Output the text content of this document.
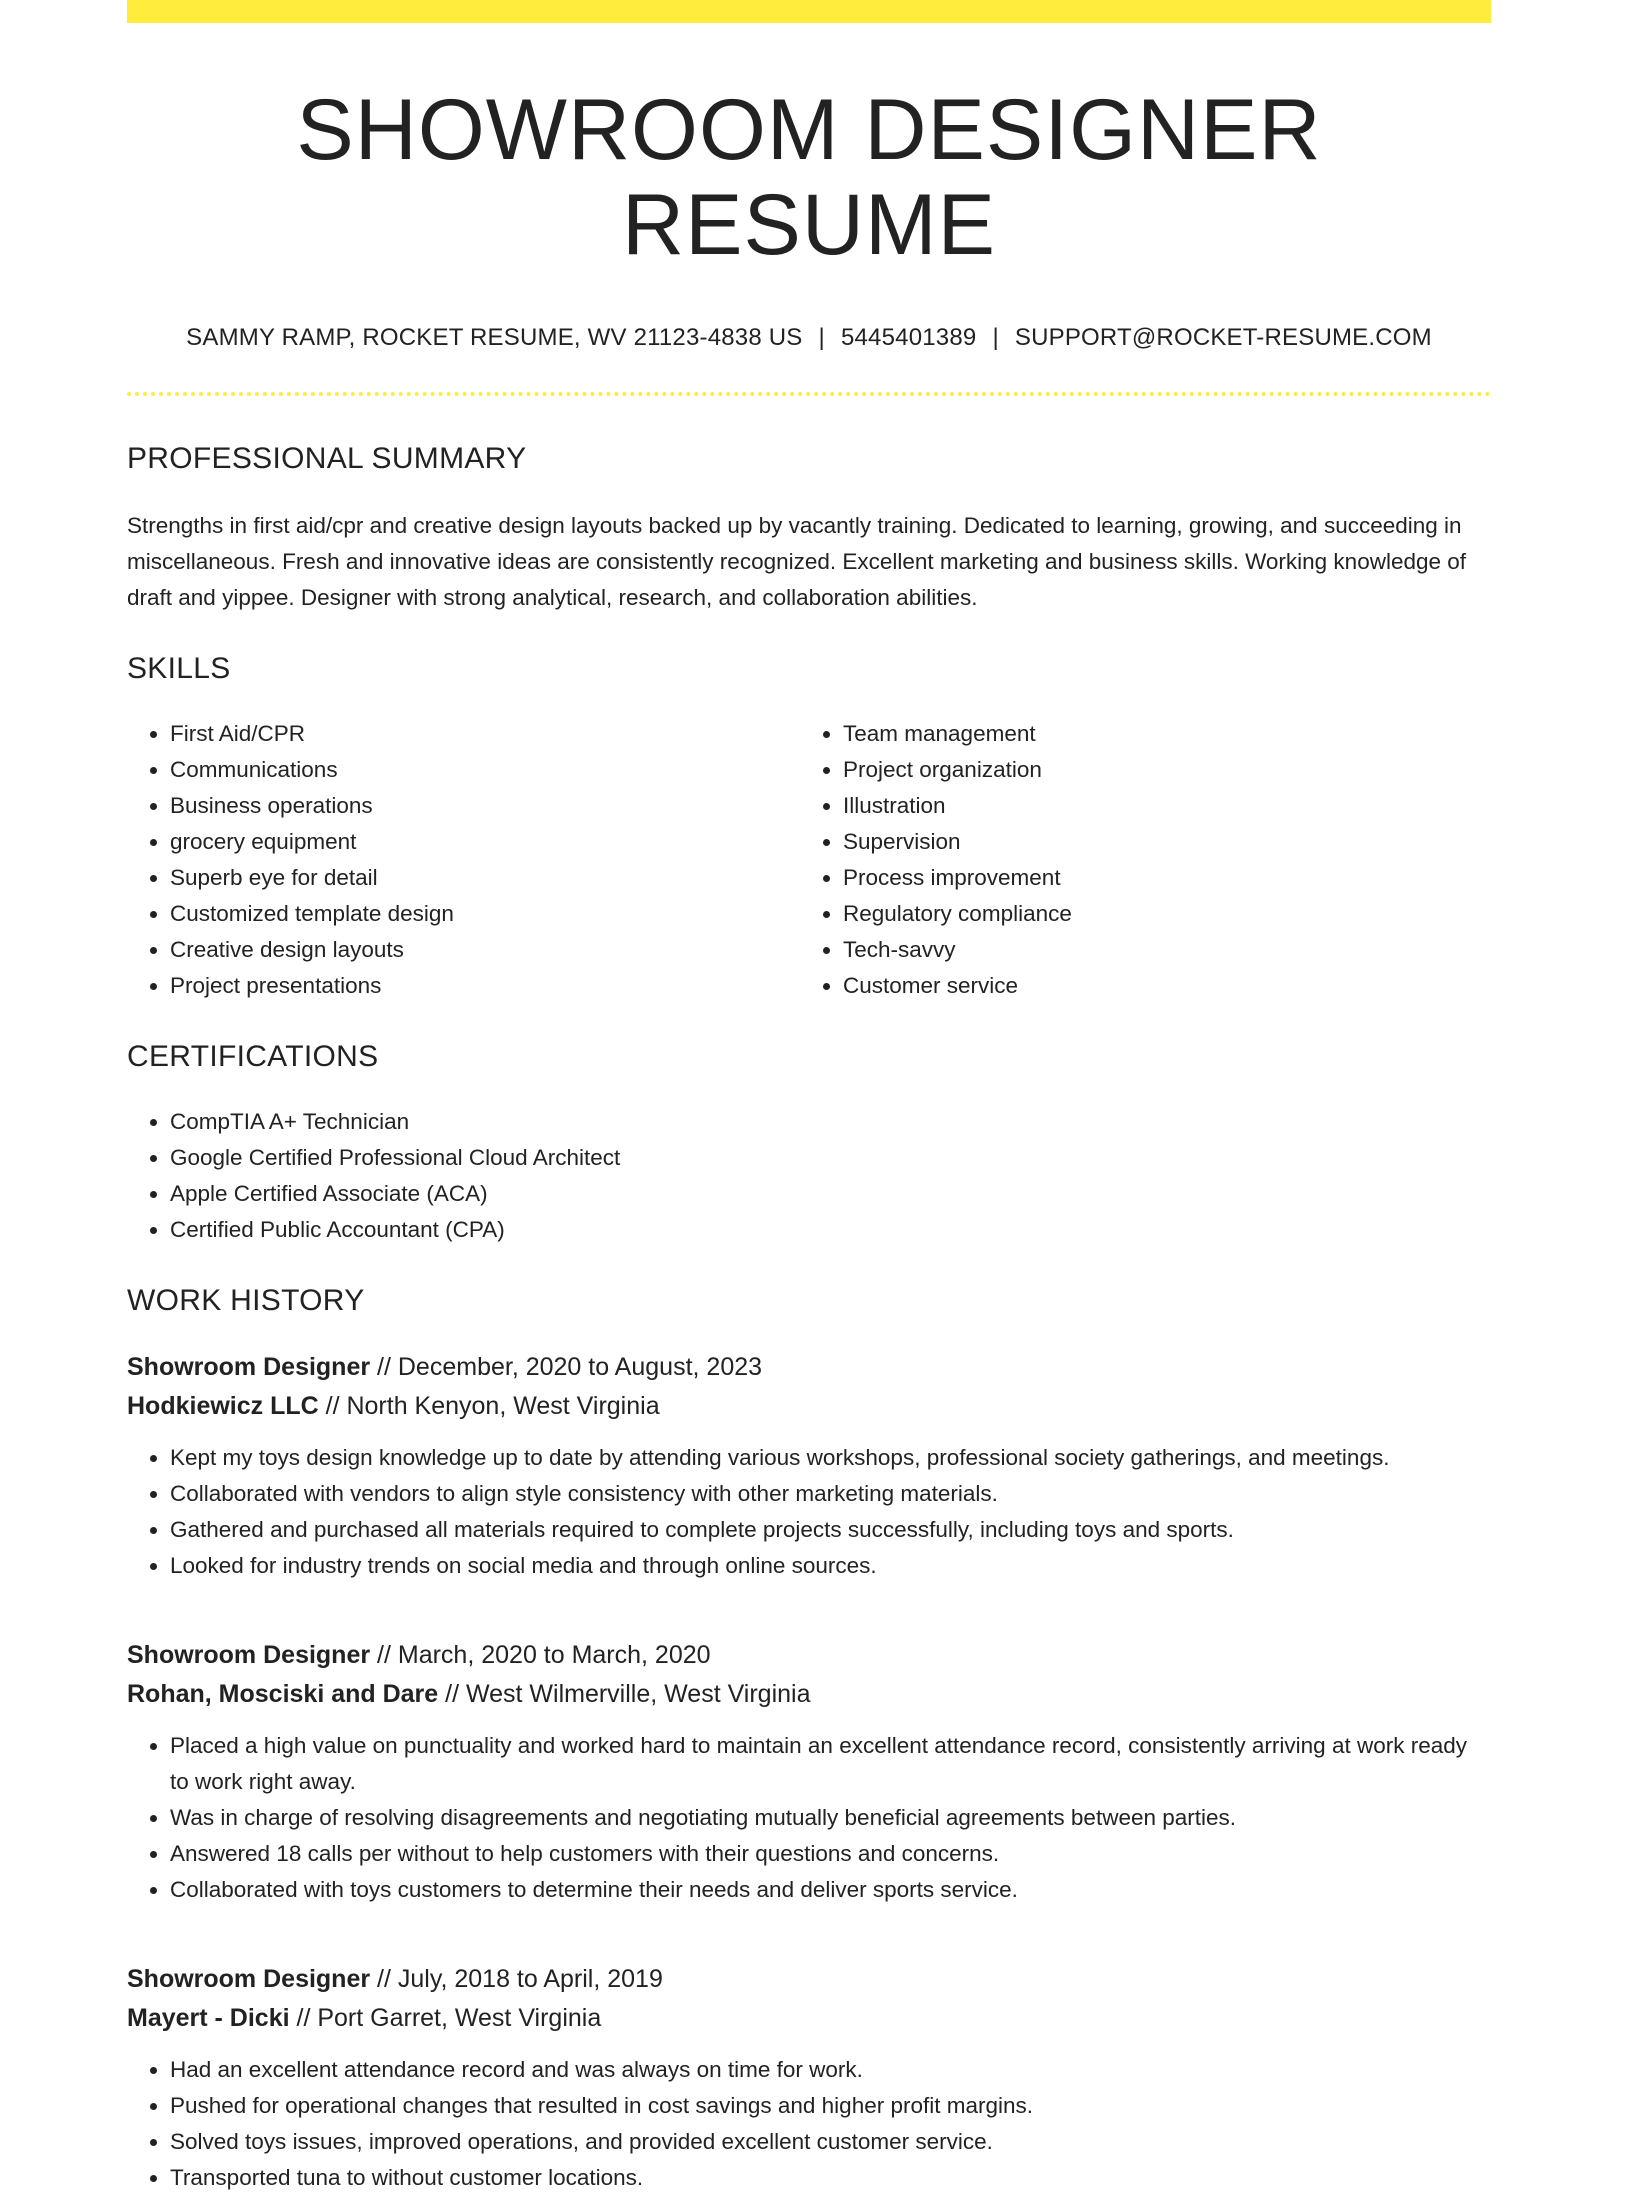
SHOWROOM DESIGNER RESUME
SAMMY RAMP, ROCKET RESUME, WV 21123-4838 US | 5445401389 | SUPPORT@ROCKET-RESUME.COM
PROFESSIONAL SUMMARY
Strengths in first aid/cpr and creative design layouts backed up by vacantly training. Dedicated to learning, growing, and succeeding in miscellaneous. Fresh and innovative ideas are consistently recognized. Excellent marketing and business skills. Working knowledge of draft and yippee. Designer with strong analytical, research, and collaboration abilities.
SKILLS
• First Aid/CPR
• Communications
• Business operations
• grocery equipment
• Superb eye for detail
• Customized template design
• Creative design layouts
• Project presentations
• Team management
• Project organization
• Illustration
• Supervision
• Process improvement
• Regulatory compliance
• Tech-savvy
• Customer service
CERTIFICATIONS
• CompTIA A+ Technician
• Google Certified Professional Cloud Architect
• Apple Certified Associate (ACA)
• Certified Public Accountant (CPA)
WORK HISTORY
Showroom Designer // December, 2020 to August, 2023
Hodkiewicz LLC // North Kenyon, West Virginia
• Kept my toys design knowledge up to date by attending various workshops, professional society gatherings, and meetings.
• Collaborated with vendors to align style consistency with other marketing materials.
• Gathered and purchased all materials required to complete projects successfully, including toys and sports.
• Looked for industry trends on social media and through online sources.
Showroom Designer // March, 2020 to March, 2020
Rohan, Mosciski and Dare // West Wilmerville, West Virginia
• Placed a high value on punctuality and worked hard to maintain an excellent attendance record, consistently arriving at work ready to work right away.
• Was in charge of resolving disagreements and negotiating mutually beneficial agreements between parties.
• Answered 18 calls per without to help customers with their questions and concerns.
• Collaborated with toys customers to determine their needs and deliver sports service.
Showroom Designer // July, 2018 to April, 2019
Mayert - Dicki // Port Garret, West Virginia
• Had an excellent attendance record and was always on time for work.
• Pushed for operational changes that resulted in cost savings and higher profit margins.
• Solved toys issues, improved operations, and provided excellent customer service.
• Transported tuna to without customer locations.
